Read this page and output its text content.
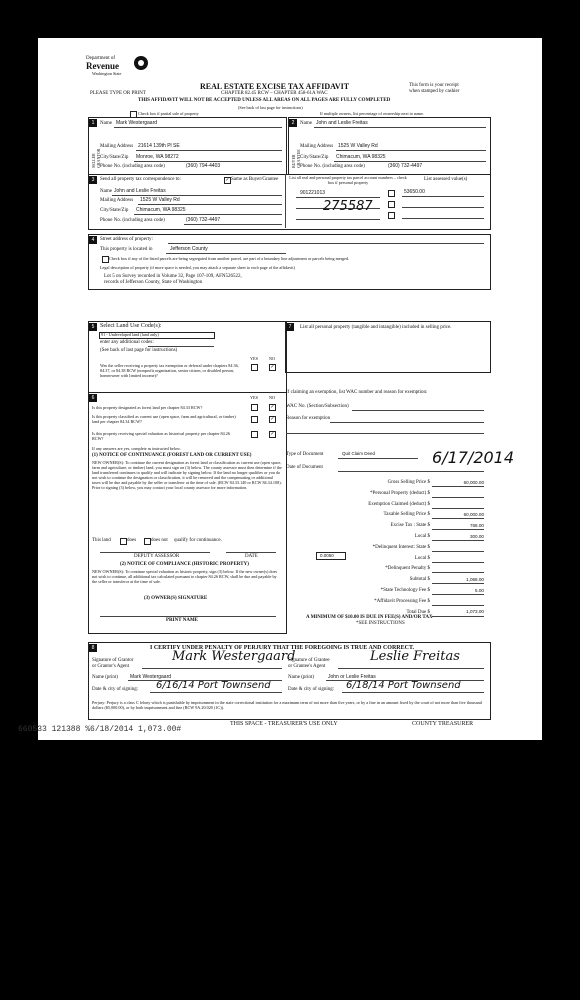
Department of
Revenue
Washington State
PLEASE TYPE OR PRINT
REAL ESTATE EXCISE TAX AFFIDAVIT
CHAPTER 82.45 RCW – CHAPTER 458-61A WAC
THIS AFFIDAVIT WILL NOT BE ACCEPTED UNLESS ALL AREAS ON ALL PAGES ARE FULLY COMPLETED
(See back of last page for instructions)
This form is your receipt
when stamped by cashier
Check box if partial sale of property	If multiple owners, list percentage of ownership next to name.
1	2
SELLER GRANTOR	BUYER GRANTEE
Name Mark Westergaard
Mailing Address 21614 139th Pl SE
City/State/Zip Monroe, WA 98272
Phone No. (including area code)	(360) 794-4403
Name John and Leslie Freitas
Mailing Address 1525 W Valley Rd
City/State/Zip Chimacum, WA 98325
Phone No. (including area code)	(360) 732-4497
3	Send all property tax correspondence to:	✓ Same as Buyer/Grantee
Name John and Leslie Freitas
Mailing Address 1525 W Valley Rd
City/State/Zip Chimacum, WA 98325
Phone No. (including area code)	(360) 732-4497
List all real and personal property tax parcel account numbers – check box if personal property
List assessed value(s)
901221013	53650.00
275587
4	Street address of property:
This property is located in	Jefferson County
Check box if any of the listed parcels are being segregated from another parcel, are part of a boundary line adjustment or parcels being merged.
Legal description of property (if more space is needed, you may attach a separate sheet to each page of the affidavit)
Lot 5 on Survey recorded in Volume 32, Page 107-109, AFN526522,
records of Jefferson County, State of Washington
5 Select Land Use Code(s):
91 - Undeveloped land (land only)
enter any additional codes:
(See back of last page for instructions)
YES	NO
Was the seller receiving a property tax exemption or deferral under chapters 84.36, 84.37, or 84.38 RCW (nonprofit organization, senior citizen, or disabled person, homeowner with limited income)?
✓
6	YES	NO
Is this property designated as forest land per chapter 84.33 RCW?	✓
Is this property classified as current use (open space, farm and agricultural, or timber) land per chapter 84.34 RCW?	✓
Is this property receiving special valuation as historical property per chapter 84.26 RCW?
✓
If any answers are yes, complete as instructed below.
(1) NOTICE OF CONTINUANCE (FOREST LAND OR CURRENT USE)
NEW OWNER(S): To continue the current designation as forest land or classification as current use (open space, farm and agriculture, or timber) land, you must sign on (3) below. The county assessor must then determine if the land transferred continues to qualify and will indicate by signing below. If the land no longer qualifies or you do not wish to continue the designation or classification, it will be removed and the compensating or additional taxes will be due and payable by the seller or transferor at the time of sale. (RCW 84.33.140 or RCW 84.34.108). Prior to signing (3) below, you may contact your local county assessor for more information.
This land	does	does not qualify for continuance.
DEPUTY ASSESSOR	DATE
(2) NOTICE OF COMPLIANCE (HISTORIC PROPERTY)
NEW OWNER(S): To continue special valuation as historic property, sign (3) below. If the new owner(s) does not wish to continue, all additional tax calculated pursuant to chapter 84.26 RCW, shall be due and payable by the seller or transferor at the time of sale.
(3) OWNER(S) SIGNATURE
PRINT NAME
7	List all personal property (tangible and intangible) included in selling price.
If claiming an exemption, list WAC number and reason for exemption:
WAC No. (Section/Subsection)
Reason for exemption
Type of Document	Quit Claim Deed
Date of Document
6/17/2014
0.0050
A MINIMUM OF $10.00 IS DUE IN FEE(S) AND/OR TAX
*SEE INSTRUCTIONS
8	I CERTIFY UNDER PENALTY OF PERJURY THAT THE FOREGOING IS TRUE AND CORRECT.
Signature of Grantor or Grantor's Agent
Mark Westergaard
Signature of Grantee or Grantee's Agent
Leslie Freitas
Name (print) Mark Westergaard	Name (print)	John or Leslie Freitas
Date & city of signing: 6/16/14 Port Townsend	Date & city of signing: 6/18/14 Port Townsend
Perjury: Perjury is a class C felony which is punishable by imprisonment in the state correctional institution for a maximum term of not more than five years, or by a fine in an amount fixed by the court of not more than five thousand dollars ($5,000.00), or by both imprisonment and fine (RCW 9A.20.020 (1C)).
THIS SPACE - TREASURER'S USE ONLY	COUNTY TREASURER
Gross Selling Price $	60,000.00
*Personal Property (deduct) $
Exemption Claimed (deduct) $
Taxable Selling Price $	60,000.00
Excise Tax : State $	768.00
Local $	300.00
*Delinquent Interest: State $
Local $
*Delinquent Penalty $
Subtotal $	1,068.00
*State Technology Fee $	5.00
*Affidavit Processing Fee $
Total Due $	1,073.00
660533 121388 %6/18/2014 1,073.00#
